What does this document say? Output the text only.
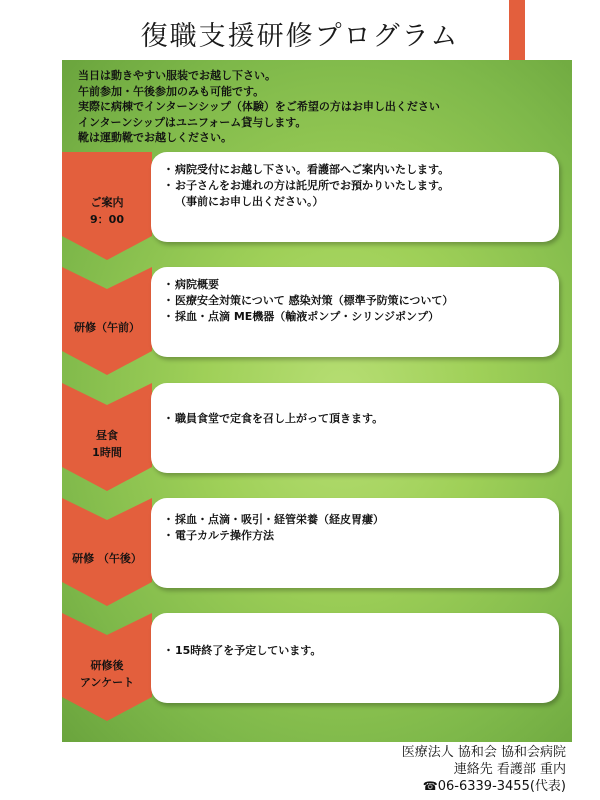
復職支援研修プログラム
当日は動きやすい服装でお越し下さい。
午前参加・午後参加のみも可能です。
実際に病棟でインターンシップ（体験）をご希望の方はお申し出ください
インターンシップはユニフォーム貸与します。
靴は運動靴でお越しください。
ご案内
9：00
・病院受付にお越し下さい。看護部へご案内いたします。
・お子さんをお連れの方は託児所でお預かりいたします。
（事前にお申し出ください。）
研修（午前）
・病院概要
・医療安全対策について 感染対策（標準予防策について）
・採血・点滴 ME機器（輸液ポンプ・シリンジポンプ）
昼食
1時間
・職員食堂で定食を召し上がって頂きます。
研修 （午後）
・採血・点滴・吸引・経管栄養（経皮胃瘻）
・電子カルテ操作方法
研修後
アンケート
・15時終了を予定しています。
医療法人 協和会 協和会病院
連絡先 看護部 重内
☎06-6339-3455(代表)
